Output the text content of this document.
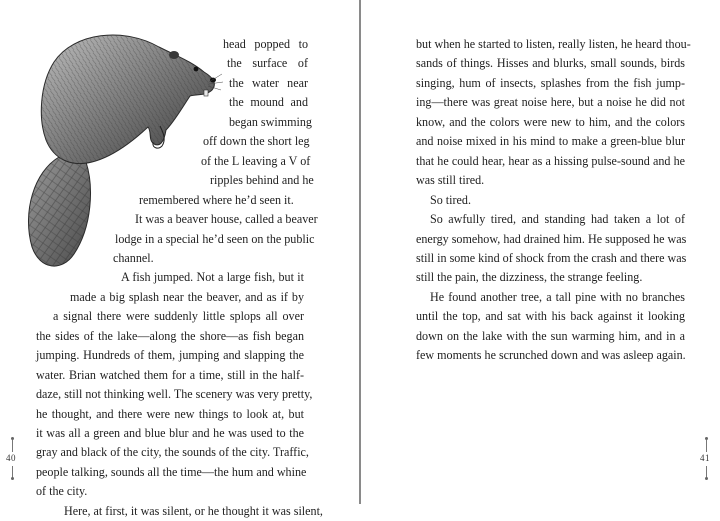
head popped to
the surface of
the water near
the mound and
began swimming
off down the short leg
of the L leaving a V of
ripples behind and he
remembered where he’d seen it.
It was a beaver house, called a beaver
lodge in a special he’d seen on the public
channel.
A fish jumped. Not a large fish, but it
made a big splash near the beaver, and as if by
a signal there were suddenly little splops all over
the sides of the lake—along the shore—as fish began
jumping. Hundreds of them, jumping and slapping the
water. Brian watched them for a time, still in the half-
daze, still not thinking well. The scenery was very pretty,
he thought, and there were new things to look at, but
it was all a green and blue blur and he was used to the
gray and black of the city, the sounds of the city. Traffic,
people talking, sounds all the time—the hum and whine
of the city.
Here, at first, it was silent, or he thought it was silent,
40
but when he started to listen, really listen, he heard thou-
sands of things. Hisses and blurks, small sounds, birds
singing, hum of insects, splashes from the fish jump-
ing—there was great noise here, but a noise he did not
know, and the colors were new to him, and the colors
and noise mixed in his mind to make a green-blue blur
that he could hear, hear as a hissing pulse-sound and he
was still tired.
So tired.
So awfully tired, and standing had taken a lot of
energy somehow, had drained him. He supposed he was
still in some kind of shock from the crash and there was
still the pain, the dizziness, the strange feeling.
He found another tree, a tall pine with no branches
until the top, and sat with his back against it looking
down on the lake with the sun warming him, and in a
few moments he scrunched down and was asleep again.
41
